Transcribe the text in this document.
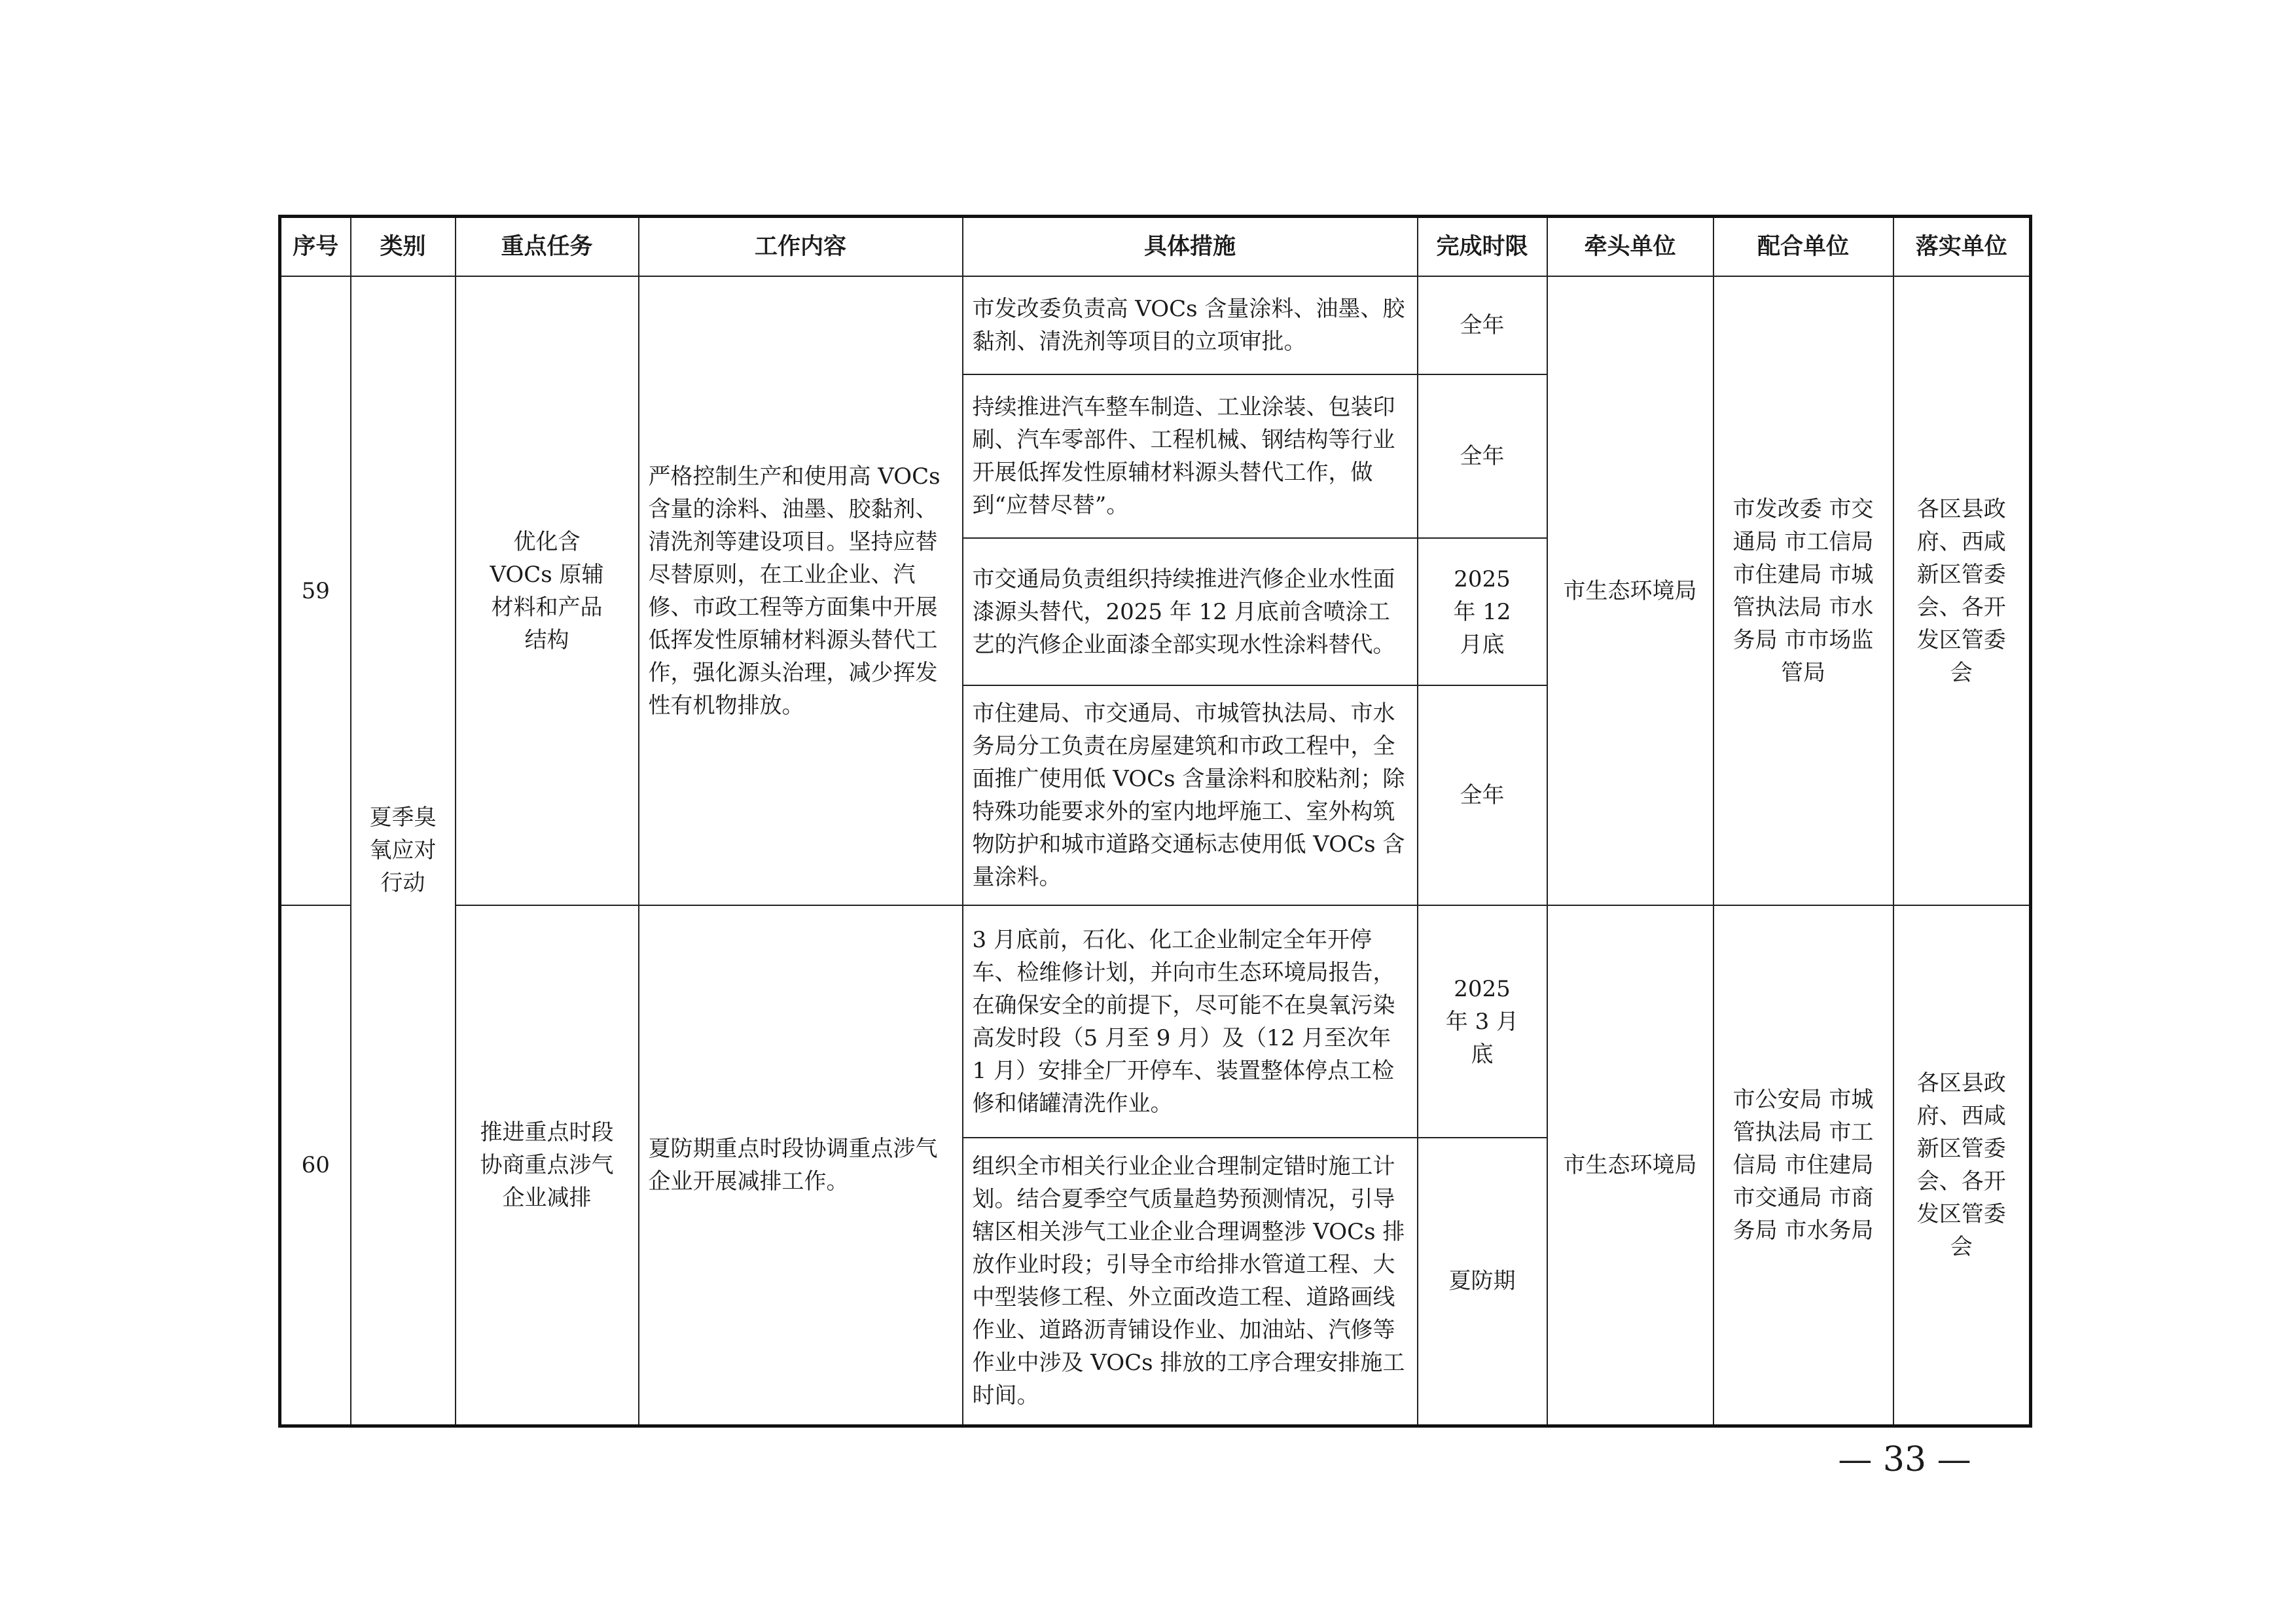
序号	类别	重点任务	工作内容	具体措施	完成时限	牵头单位	配合单位	落实单位
59	夏季臭氧应对行动	优化含 VOCs 原辅材料和产品结构	严格控制生产和使用高 VOCs 含量的涂料、油墨、胶黏剂、清洗剂等建设项目。坚持应替尽替原则，在工业企业、汽修、市政工程等方面集中开展低挥发性原辅材料源头替代工作，强化源头治理，减少挥发性有机物排放。	市发改委负责高 VOCs 含量涂料、油墨、胶黏剂、清洗剂等项目的立项审批。	全年	市生态环境局	市发改委 市交通局 市工信局 市住建局 市城管执法局 市水务局 市市场监管局	各区县政府、西咸新区管委会、各开发区管委会

				持续推进汽车整车制造、工业涂装、包装印刷、汽车零部件、工程机械、钢结构等行业开展低挥发性原辅材料源头替代工作，做到“应替尽替”。	全年			
				市交通局负责组织持续推进汽修企业水性面漆源头替代，2025 年 12 月底前含喷涂工艺的汽修企业面漆全部实现水性涂料替代。	2025 年 12 月底			

				市住建局、市交通局、市城管执法局、市水务局分工负责在房屋建筑和市政工程中，全面推广使用低 VOCs 含量涂料和胶粘剂；除特殊功能要求外的室内地坪施工、室外构筑物防护和城市道路交通标志使用低 VOCs 含量涂料。	全年			
60		推进重点时段协商重点涉气企业减排	夏防期重点时段协调重点涉气企业开展减排工作。	3 月底前，石化、化工企业制定全年开停车、检维修计划，并向市生态环境局报告，在确保安全的前提下，尽可能不在臭氧污染高发时段（5 月至 9 月）及（12 月至次年 1 月）安排全厂开停车、装置整体停点工检修和储罐清洗作业。	2025 年 3 月底	市生态环境局	市公安局 市城管执法局 市工信局 市住建局 市交通局 市商务局 市水务局	各区县政府、西咸新区管委会、各开发区管委会

				组织全市相关行业企业合理制定错时施工计划。结合夏季空气质量趋势预测情况，引导辖区相关涉气工业企业合理调整涉 VOCs 排放作业时段；引导全市给排水管道工程、大中型装修工程、外立面改造工程、道路画线作业、道路沥青铺设作业、加油站、汽修等作业中涉及 VOCs 排放的工序合理安排施工时间。	夏防期			
— 33 —
